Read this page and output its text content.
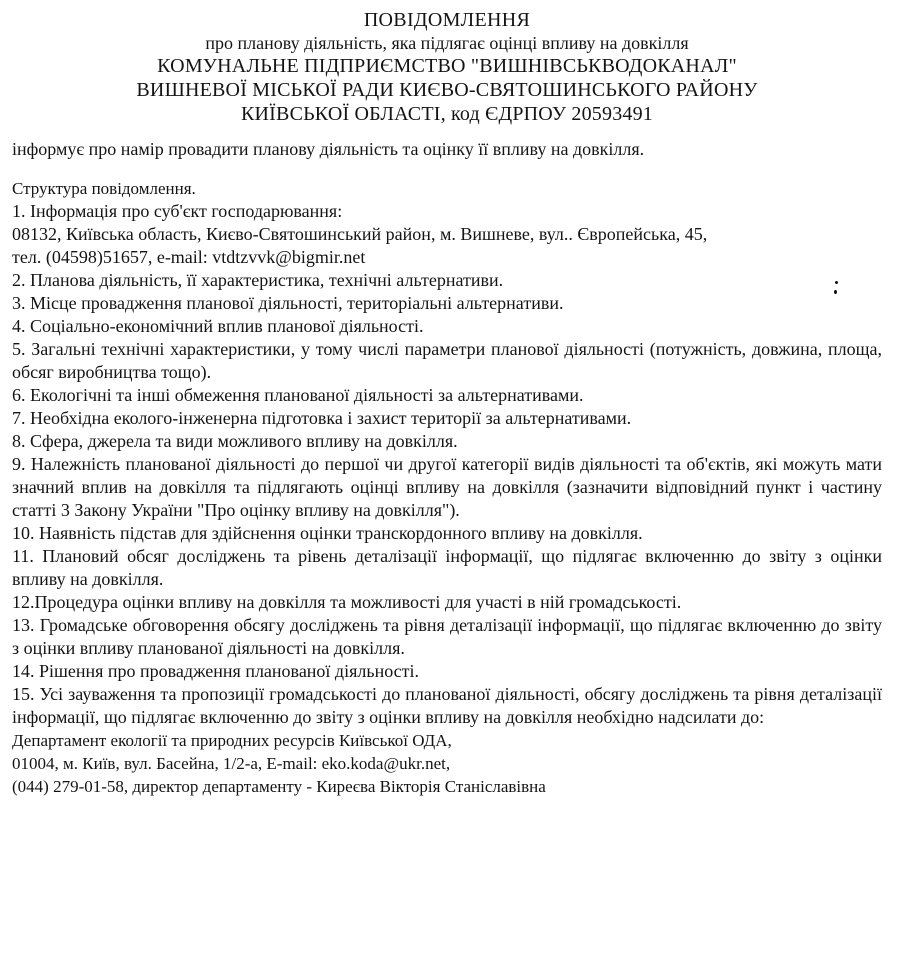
ПОВІДОМЛЕННЯ
про планову діяльність, яка підлягає оцінці впливу на довкілля
КОМУНАЛЬНЕ ПІДПРИЄМСТВО "ВИШНІВСЬКВОДОКАНАЛ"
ВИШНЕВОЇ МІСЬКОЇ РАДИ КИЄВО-СВЯТОШИНСЬКОГО РАЙОНУ
КИЇВСЬКОЇ ОБЛАСТІ, код ЄДРПОУ 20593491
інформує про намір провадити планову діяльність та оцінку її впливу на довкілля.
Структура повідомлення.
1. Інформація про суб'єкт господарювання:
08132, Київська область, Києво-Святошинський район, м. Вишневе, вул.. Європейська, 45,
тел. (04598)51657, e-mail: vtdtzvvk@bigmir.net
2. Планова діяльність, її характеристика, технічні альтернативи.
3. Місце провадження планової діяльності, територіальні альтернативи.
4. Соціально-економічний вплив планової діяльності.
5. Загальні технічні характеристики, у тому числі параметри планової діяльності (потужність, довжина, площа, обсяг виробництва тощо).
6. Екологічні та інші обмеження планованої діяльності за альтернативами.
7. Необхідна еколого-інженерна підготовка і захист території за альтернативами.
8. Сфера, джерела та види можливого впливу на довкілля.
9. Належність планованої діяльності до першої чи другої категорії видів діяльності та об'єктів, які можуть мати значний вплив на довкілля та підлягають оцінці впливу на довкілля (зазначити відповідний пункт і частину статті 3 Закону України "Про оцінку впливу на довкілля").
10. Наявність підстав для здійснення оцінки транскордонного впливу на довкілля.
11. Плановий обсяг досліджень та рівень деталізації інформації, що підлягає включенню до звіту з оцінки впливу на довкілля.
12.Процедура оцінки впливу на довкілля та можливості для участі в ній громадськості.
13. Громадське обговорення обсягу досліджень та рівня деталізації інформації, що підлягає включенню до звіту з оцінки впливу планованої діяльності на довкілля.
14. Рішення про провадження планованої діяльності.
15. Усі зауваження та пропозиції громадськості до планованої діяльності, обсягу досліджень та рівня деталізації інформації, що підлягає включенню до звіту з оцінки впливу на довкілля необхідно надсилати до:
Департамент екології та природних ресурсів Київської ОДА,
01004, м. Київ, вул. Басейна, 1/2-а, E-mail: eko.koda@ukr.net,
(044) 279-01-58, директор департаменту - Киреєва Вікторія Станіславівна
